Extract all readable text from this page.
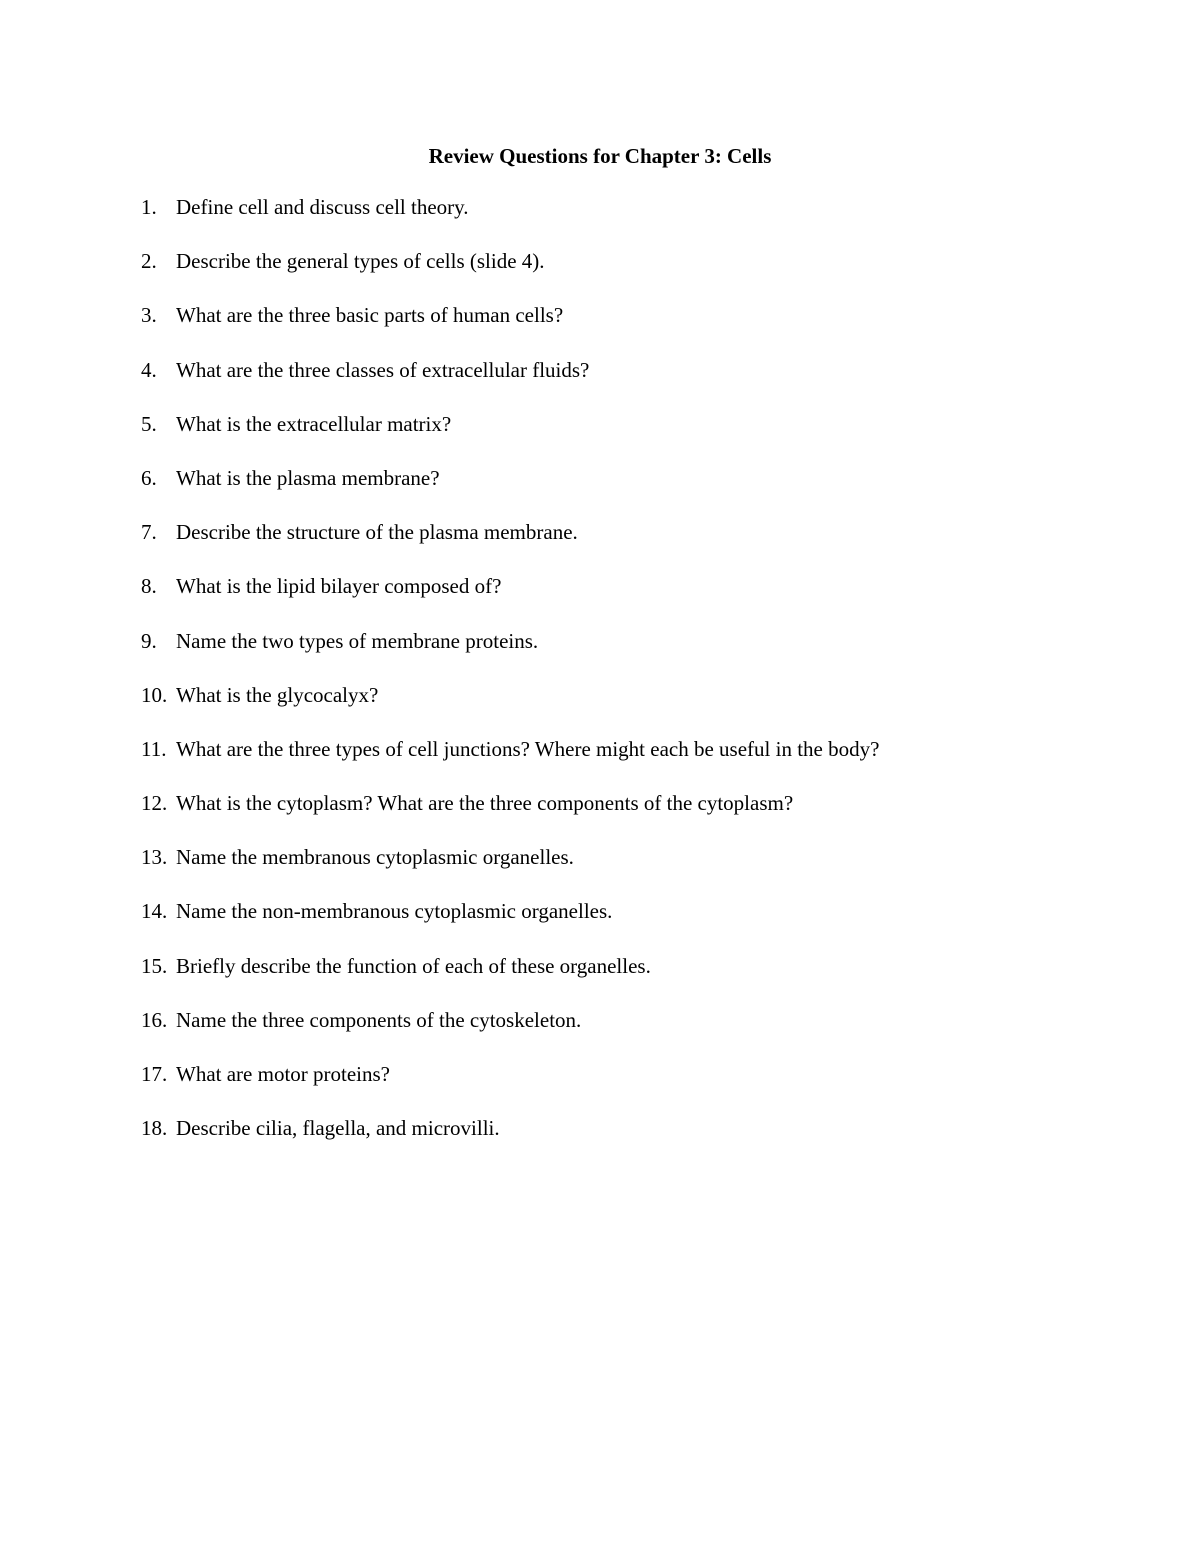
Review Questions for Chapter 3: Cells
1. Define cell and discuss cell theory.
2. Describe the general types of cells (slide 4).
3. What are the three basic parts of human cells?
4. What are the three classes of extracellular fluids?
5. What is the extracellular matrix?
6. What is the plasma membrane?
7. Describe the structure of the plasma membrane.
8. What is the lipid bilayer composed of?
9. Name the two types of membrane proteins.
10. What is the glycocalyx?
11. What are the three types of cell junctions? Where might each be useful in the body?
12. What is the cytoplasm? What are the three components of the cytoplasm?
13. Name the membranous cytoplasmic organelles.
14. Name the non-membranous cytoplasmic organelles.
15. Briefly describe the function of each of these organelles.
16. Name the three components of the cytoskeleton.
17. What are motor proteins?
18. Describe cilia, flagella, and microvilli.
